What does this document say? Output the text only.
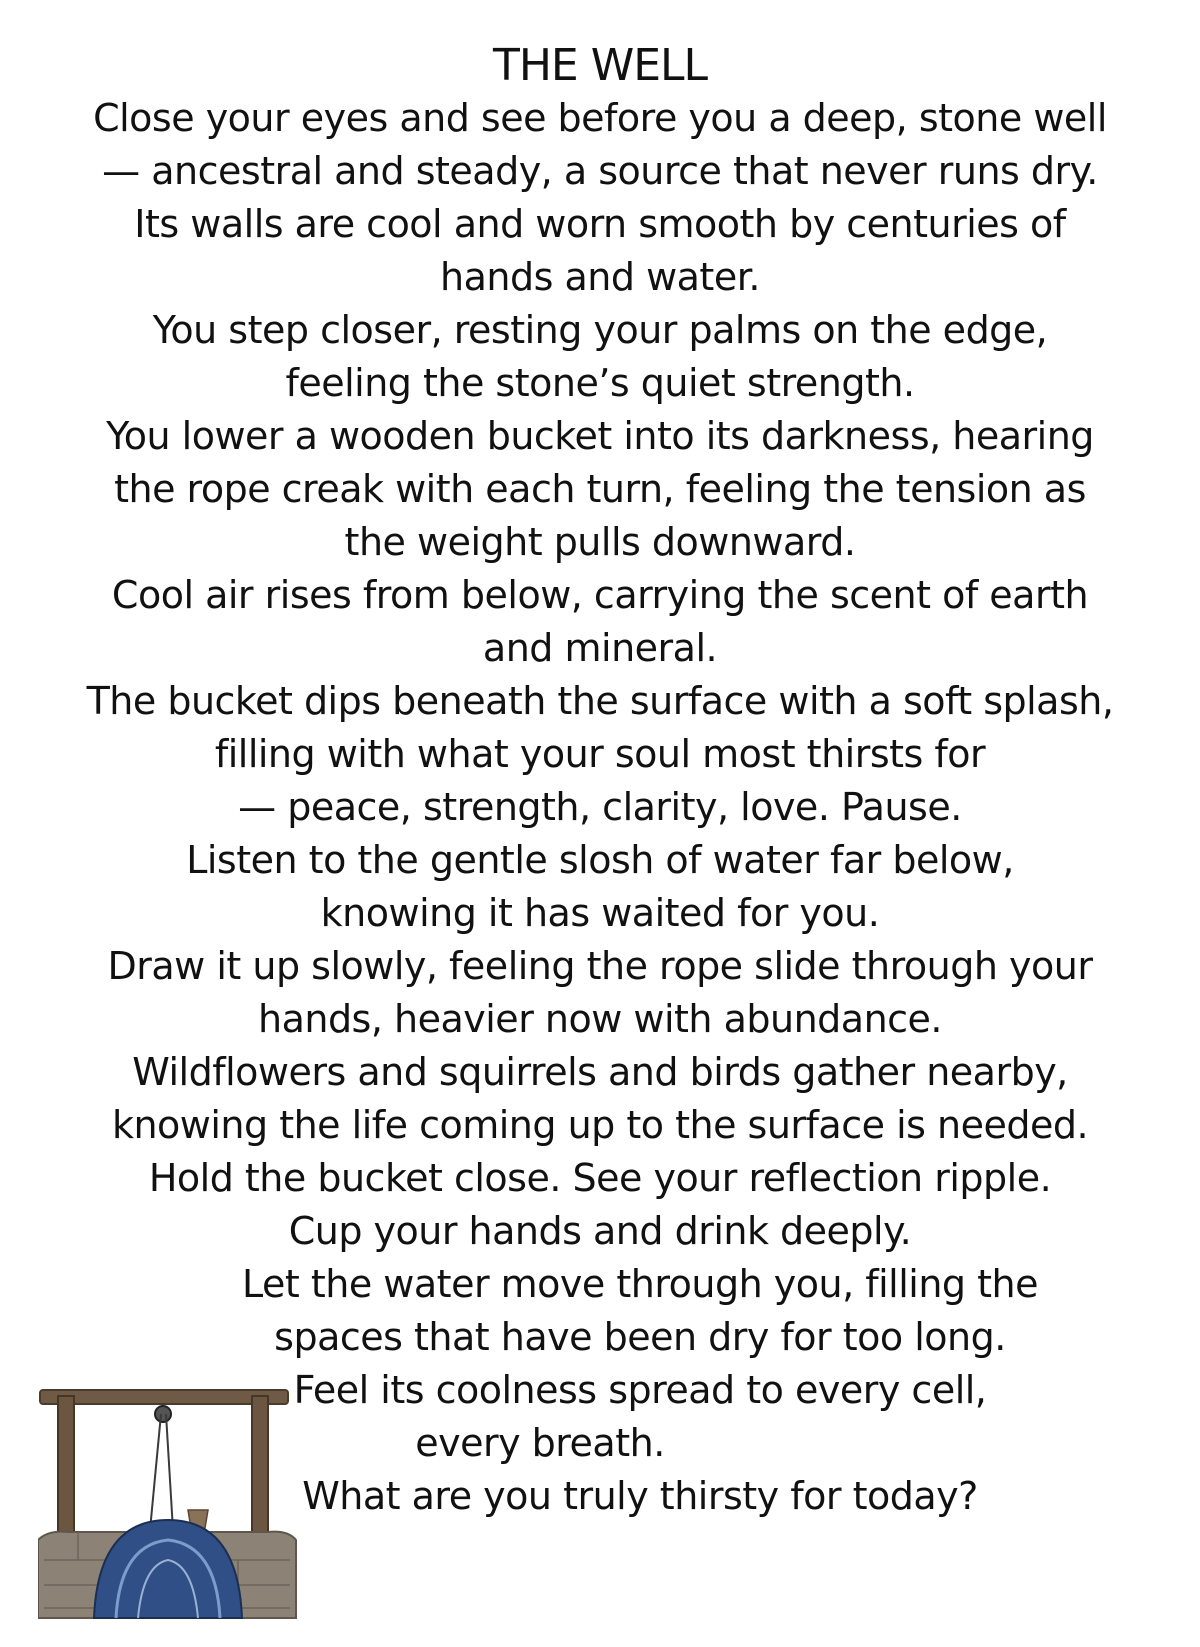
THE WELL
Close your eyes and see before you a deep, stone well
— ancestral and steady, a source that never runs dry.
Its walls are cool and worn smooth by centuries of
hands and water.
You step closer, resting your palms on the edge,
feeling the stone’s quiet strength.
You lower a wooden bucket into its darkness, hearing
the rope creak with each turn, feeling the tension as
the weight pulls downward.
Cool air rises from below, carrying the scent of earth
and mineral.
The bucket dips beneath the surface with a soft splash,
filling with what your soul most thirsts for
— peace, strength, clarity, love. Pause.
Listen to the gentle slosh of water far below,
knowing it has waited for you.
Draw it up slowly, feeling the rope slide through your
hands, heavier now with abundance.
Wildflowers and squirrels and birds gather nearby,
knowing the life coming up to the surface is needed.
Hold the bucket close. See your reflection ripple.
Cup your hands and drink deeply.
Let the water move through you, filling the
spaces that have been dry for too long.
Feel its coolness spread to every cell,
every breath.
What are you truly thirsty for today?
